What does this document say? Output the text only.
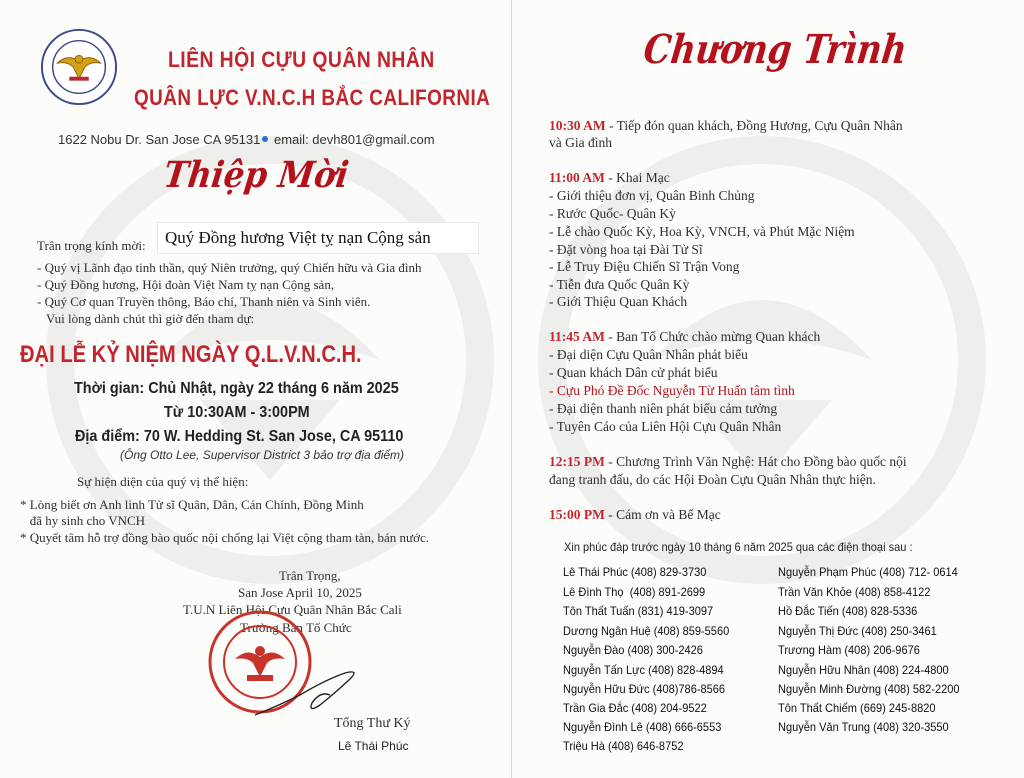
LIÊN HỘI CỰU QUÂN NHÂN
QUÂN LỰC V.N.C.H BẮC CALIFORNIA
1622 Nobu Dr. San Jose CA 95131 email: devh801@gmail.com
Thiệp Mời
Quý Đồng hương Việt tỵ nạn Cộng sản
Trân trọng kính mời:
- Quý vị Lãnh đạo tinh thần, quý Niên trưởng, quý Chiến hữu và Gia đình
- Quý Đồng hương, Hội đoàn Việt Nam tỵ nạn Cộng sản,
- Quý Cơ quan Truyền thông, Báo chí, Thanh niên và Sinh viên.
Vui lòng dành chút thì giờ đến tham dự:
ĐẠI LỄ KỶ NIỆM NGÀY Q.L.V.N.C.H.
Thời gian: Chủ Nhật, ngày 22 tháng 6 năm 2025
Từ 10:30AM - 3:00PM
Địa điểm: 70 W. Hedding St. San Jose, CA 95110
(Ông Otto Lee, Supervisor District 3 bảo trợ địa điểm)
Sự hiện diện của quý vị thể hiện:
* Lòng biết ơn Anh linh Tử sĩ Quân, Dân, Cán Chính, Đồng Minh
đã hy sinh cho VNCH
* Quyết tâm hỗ trợ đồng bào quốc nội chống lại Việt cộng tham tàn, bán nước.
Trân Trọng,
San Jose April 10, 2025
T.U.N Liên Hội Cựu Quân Nhân Bắc Cali
Trưởng Ban Tổ Chức
Tổng Thư Ký
Lê Thái Phúc
Chương Trình
10:30 AM - Tiếp đón quan khách, Đồng Hương, Cựu Quân Nhân
và Gia đình
11:00 AM - Khai Mạc
- Giới thiệu đơn vị, Quân Binh Chủng
- Rước Quốc- Quân Kỳ
- Lễ chào Quốc Kỳ, Hoa Kỳ, VNCH, và Phút Mặc Niệm
- Đặt vòng hoa tại Đài Tử Sĩ
- Lễ Truy Điệu Chiến Sĩ Trận Vong
- Tiễn đưa Quốc Quân Kỳ
- Giới Thiệu Quan Khách
11:45 AM - Ban Tổ Chức chào mừng Quan khách
- Đại diện Cựu Quân Nhân phát biểu
- Quan khách Dân cử phát biểu
- Cựu Phó Đề Đốc Nguyễn Từ Huấn tâm tình
- Đại diện thanh niên phát biểu cảm tưởng
- Tuyên Cáo của Liên Hội Cựu Quân Nhân
12:15 PM - Chương Trình Văn Nghệ: Hát cho Đồng bào quốc nội
đang tranh đấu, do các Hội Đoàn Cựu Quân Nhân thực hiện.
15:00 PM - Cám ơn và Bế Mạc
Xin phúc đáp trước ngày 10 tháng 6 năm 2025 qua các điện thoại sau :
Lê Thái Phúc (408) 829-3730
Lê Đình Thọ  (408) 891-2699
Tôn Thất Tuấn (831) 419-3097
Dương Ngân Huệ (408) 859-5560
Nguyễn Đào (408) 300-2426
Nguyễn Tấn Lực (408) 828-4894
Nguyễn Hữu Đức (408)786-8566
Trần Gia Đắc (408) 204-9522
Nguyễn Đình Lê (408) 666-6553
Triệu Hà (408) 646-8752
Nguyễn Phạm Phúc (408) 712- 0614
Trần Văn Khỏe (408) 858-4122
Hồ Đắc Tiến (408) 828-5336
Nguyễn Thị Đức (408) 250-3461
Trương Hàm (408) 206-9676
Nguyễn Hữu Nhân (408) 224-4800
Nguyễn Minh Đường (408) 582-2200
Tôn Thất Chiếm (669) 245-8820
Nguyễn Văn Trung (408) 320-3550
